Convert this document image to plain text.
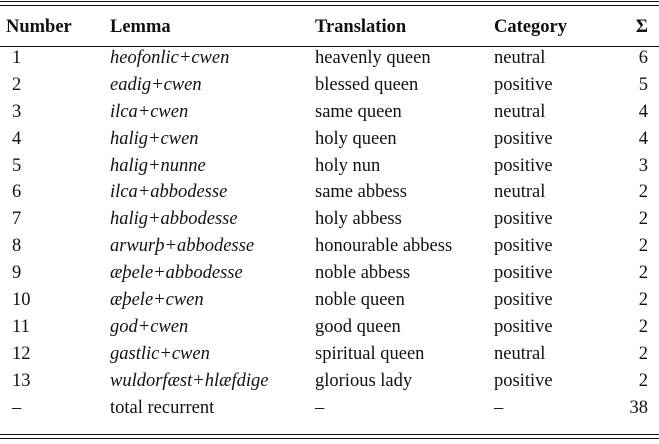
Number	Lemma	Translation	Category	Σ
1	heofonlic+cwen	heavenly queen	neutral	6
2	eadig+cwen	blessed queen	positive	5
3	ilca+cwen	same queen	neutral	4
4	halig+cwen	holy queen	positive	4
5	halig+nunne	holy nun	positive	3
6	ilca+abbodesse	same abbess	neutral	2
7	halig+abbodesse	holy abbess	positive	2
8	arwurþ+abbodesse	honourable abbess	positive	2
9	æþele+abbodesse	noble abbess	positive	2
10	æþele+cwen	noble queen	positive	2
11	god+cwen	good queen	positive	2
12	gastlic+cwen	spiritual queen	neutral	2
13	wuldorfæst+hlæfdige	glorious lady	positive	2
–	total recurrent	–	–	38
